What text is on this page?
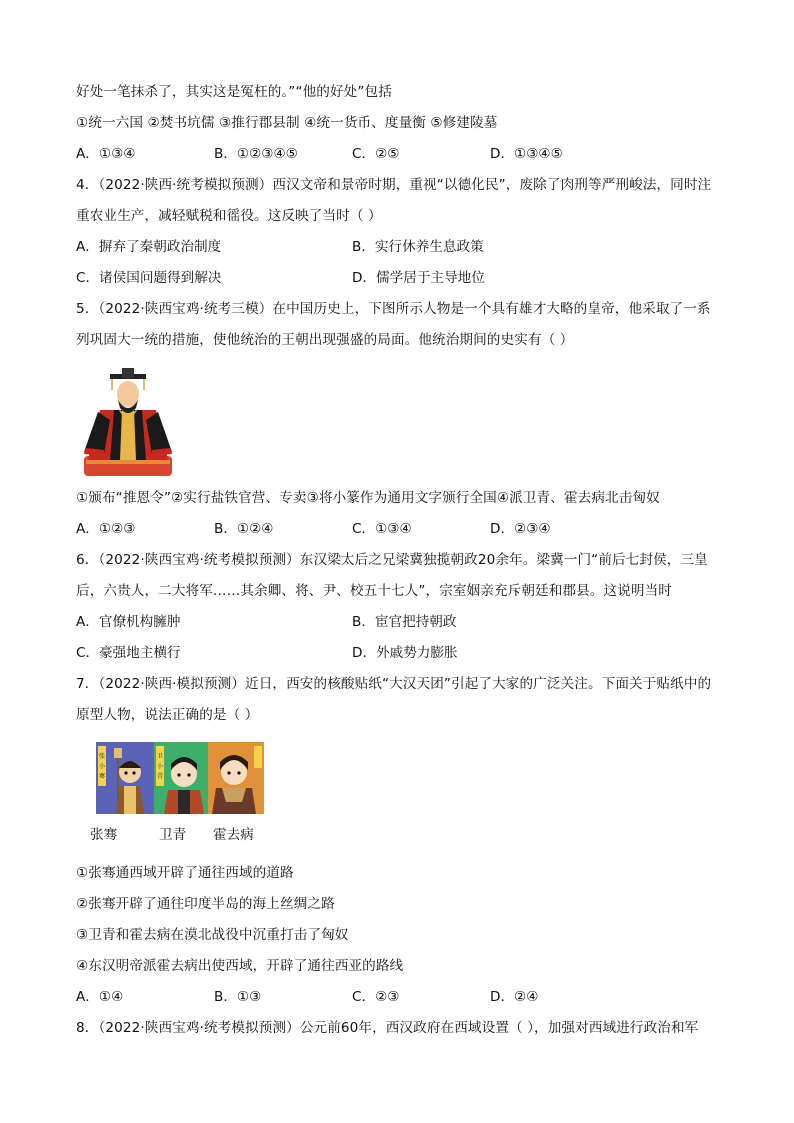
好处一笔抹杀了，其实这是冤枉的。”“他的好处”包括
①统一六国 ②焚书坑儒 ③推行郡县制 ④统一货币、度量衡 ⑤修建陵墓
A．①③④	B．①②③④⑤	C．②⑤	D．①③④⑤
4．（2022·陕西·统考模拟预测）西汉文帝和景帝时期，重视“以德化民”，废除了肉刑等严刑峻法，同时注
重农业生产，减轻赋税和徭役。这反映了当时（ ）
A．摒弃了秦朝政治制度	B．实行休养生息政策
C．诸侯国问题得到解决	D．儒学居于主导地位
5．（2022·陕西宝鸡·统考三模）在中国历史上，下图所示人物是一个具有雄才大略的皇帝，他采取了一系
列巩固大一统的措施，使他统治的王朝出现强盛的局面。他统治期间的史实有（ ）
①颁布“推恩令”②实行盐铁官营、专卖③将小篆作为通用文字颁行全国④派卫青、霍去病北击匈奴
A．①②③	B．①②④	C．①③④	D．②③④
6．（2022·陕西宝鸡·统考模拟预测）东汉梁太后之兄梁冀独揽朝政20余年。梁冀一门“前后七封侯，三皇
后，六贵人，二大将军……其余卿、将、尹、校五十七人”，宗室姻亲充斥朝廷和郡县。这说明当时
A．官僚机构臃肿	B．宦官把持朝政
C．豪强地主横行	D．外戚势力膨胀
7．（2022·陕西·模拟预测）近日，西安的核酸贴纸“大汉天团”引起了大家的广泛关注。下面关于贴纸中的
原型人物，说法正确的是（ ）
张
小
骞
卫
小
青
张骞	卫青 霍去病
①张骞通西域开辟了通往西域的道路
②张骞开辟了通往印度半岛的海上丝绸之路
③卫青和霍去病在漠北战役中沉重打击了匈奴
④东汉明帝派霍去病出使西域，开辟了通往西亚的路线
A．①④	B．①③	C．②③	D．②④
8．（2022·陕西宝鸡·统考模拟预测）公元前60年，西汉政府在西域设置（ ），加强对西域进行政治和军
